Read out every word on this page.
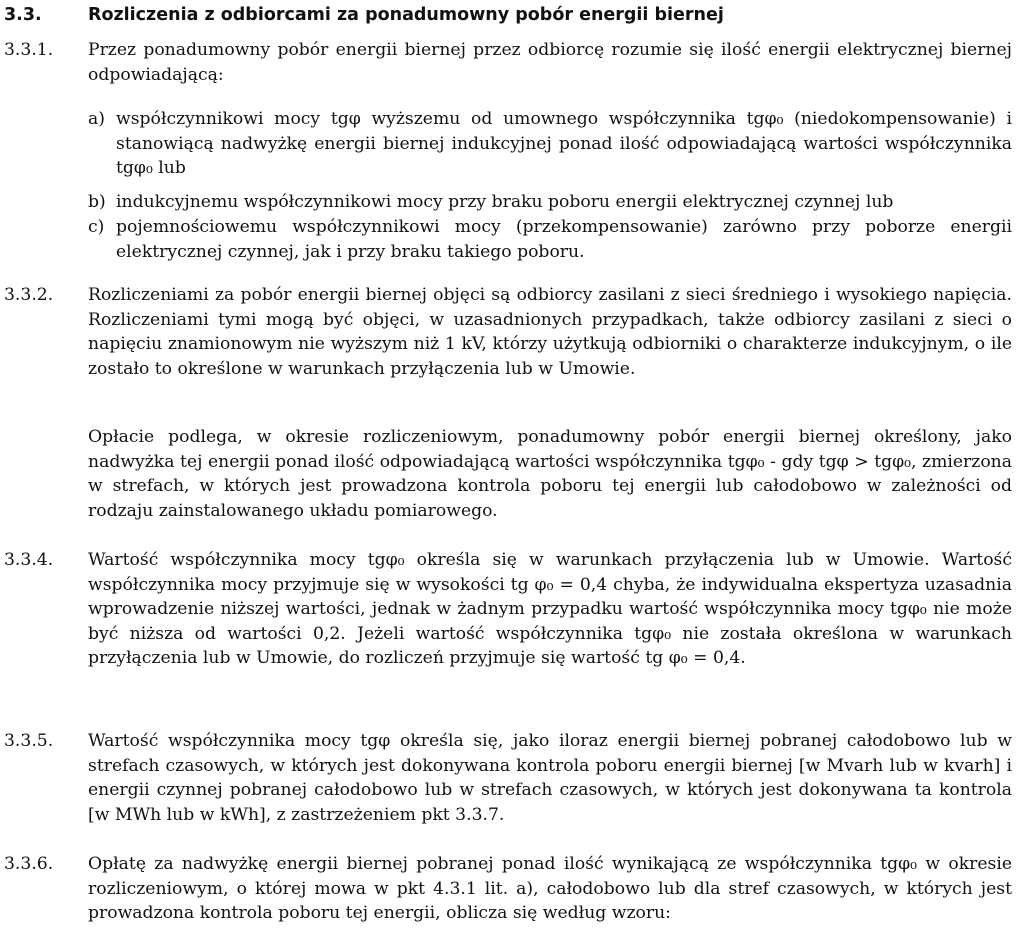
3.3.	Rozliczenia z odbiorcami za ponadumowny pobór energii biernej
3.3.1. Przez ponadumowny pobór energii biernej przez odbiorcę rozumie się ilość energii elektrycznej biernej odpowiadającą:
a) współczynnikowi mocy tgφ wyższemu od umownego współczynnika tgφ₀ (niedokompensowanie) i stanowiącą nadwyżkę energii biernej indukcyjnej ponad ilość odpowiadającą wartości współczynnika tgφ₀ lub
b) indukcyjnemu współczynnikowi mocy przy braku poboru energii elektrycznej czynnej lub
c) pojemnościowemu współczynnikowi mocy (przekompensowanie) zarówno przy poborze energii elektrycznej czynnej, jak i przy braku takiego poboru.
3.3.2. Rozliczeniami za pobór energii biernej objęci są odbiorcy zasilani z sieci średniego i wysokiego napięcia. Rozliczeniami tymi mogą być objęci, w uzasadnionych przypadkach, także odbiorcy zasilani z sieci o napięciu znamionowym nie wyższym niż 1 kV, którzy użytkują odbiorniki o charakterze indukcyjnym, o ile zostało to określone w warunkach przyłączenia lub w Umowie.
Opłacie podlega, w okresie rozliczeniowym, ponadumowny pobór energii biernej określony, jako nadwyżka tej energii ponad ilość odpowiadającą wartości współczynnika tgφ₀ - gdy tgφ > tgφ₀, zmierzona w strefach, w których jest prowadzona kontrola poboru tej energii lub całodobowo w zależności od rodzaju zainstalowanego układu pomiarowego.
3.3.4. Wartość współczynnika mocy tgφ₀ określa się w warunkach przyłączenia lub w Umowie. Wartość współczynnika mocy przyjmuje się w wysokości tg φ₀ = 0,4 chyba, że indywidualna ekspertyza uzasadnia wprowadzenie niższej wartości, jednak w żadnym przypadku wartość współczynnika mocy tgφ₀ nie może być niższa od wartości 0,2. Jeżeli wartość współczynnika tgφ₀ nie została określona w warunkach przyłączenia lub w Umowie, do rozliczeń przyjmuje się wartość tg φ₀ = 0,4.
3.3.5. Wartość współczynnika mocy tgφ określa się, jako iloraz energii biernej pobranej całodobowo lub w strefach czasowych, w których jest dokonywana kontrola poboru energii biernej [w Mvarh lub w kvarh] i energii czynnej pobranej całodobowo lub w strefach czasowych, w których jest dokonywana ta kontrola [w MWh lub w kWh], z zastrzeżeniem pkt 3.3.7.
3.3.6. Opłatę za nadwyżkę energii biernej pobranej ponad ilość wynikającą ze współczynnika tgφ₀ w okresie rozliczeniowym, o której mowa w pkt 4.3.1 lit. a), całodobowo lub dla stref czasowych, w których jest prowadzona kontrola poboru tej energii, oblicza się według wzoru:
